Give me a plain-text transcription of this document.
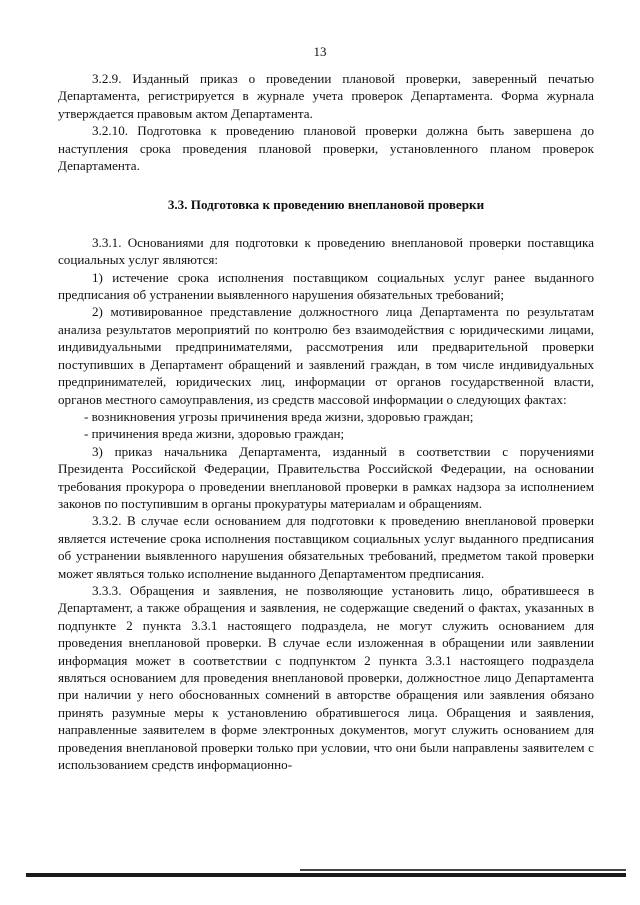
13

3.2.9. Изданный приказ о проведении плановой проверки, заверенный печатью Департамента, регистрируется в журнале учета проверок Департамента. Форма журнала утверждается правовым актом Департамента.

3.2.10. Подготовка к проведению плановой проверки должна быть завершена до наступления срока проведения плановой проверки, установленного планом проверок Департамента.

3.3. Подготовка к проведению внеплановой проверки

3.3.1. Основаниями для подготовки к проведению внеплановой проверки поставщика социальных услуг являются:

1) истечение срока исполнения поставщиком социальных услуг ранее выданного предписания об устранении выявленного нарушения обязательных требований;

2) мотивированное представление должностного лица Департамента по результатам анализа результатов мероприятий по контролю без взаимодействия с юридическими лицами, индивидуальными предпринимателями, рассмотрения или предварительной проверки поступивших в Департамент обращений и заявлений граждан, в том числе индивидуальных предпринимателей, юридических лиц, информации от органов государственной власти, органов местного самоуправления, из средств массовой информации о следующих фактах:

- возникновения угрозы причинения вреда жизни, здоровью граждан;

- причинения вреда жизни, здоровью граждан;

3) приказ начальника Департамента, изданный в соответствии с поручениями Президента Российской Федерации, Правительства Российской Федерации, на основании требования прокурора о проведении внеплановой проверки в рамках надзора за исполнением законов по поступившим в органы прокуратуры материалам и обращениям.

3.3.2. В случае если основанием для подготовки к проведению внеплановой проверки является истечение срока исполнения поставщиком социальных услуг выданного предписания об устранении выявленного нарушения обязательных требований, предметом такой проверки может являться только исполнение выданного Департаментом предписания.

3.3.3. Обращения и заявления, не позволяющие установить лицо, обратившееся в Департамент, а также обращения и заявления, не содержащие сведений о фактах, указанных в подпункте 2 пункта 3.3.1 настоящего подраздела, не могут служить основанием для проведения внеплановой проверки. В случае если изложенная в обращении или заявлении информация может в соответствии с подпунктом 2 пункта 3.3.1 настоящего подраздела являться основанием для проведения внеплановой проверки, должностное лицо Департамента при наличии у него обоснованных сомнений в авторстве обращения или заявления обязано принять разумные меры к установлению обратившегося лица. Обращения и заявления, направленные заявителем в форме электронных документов, могут служить основанием для проведения внеплановой проверки только при условии, что они были направлены заявителем с использованием средств информационно-
